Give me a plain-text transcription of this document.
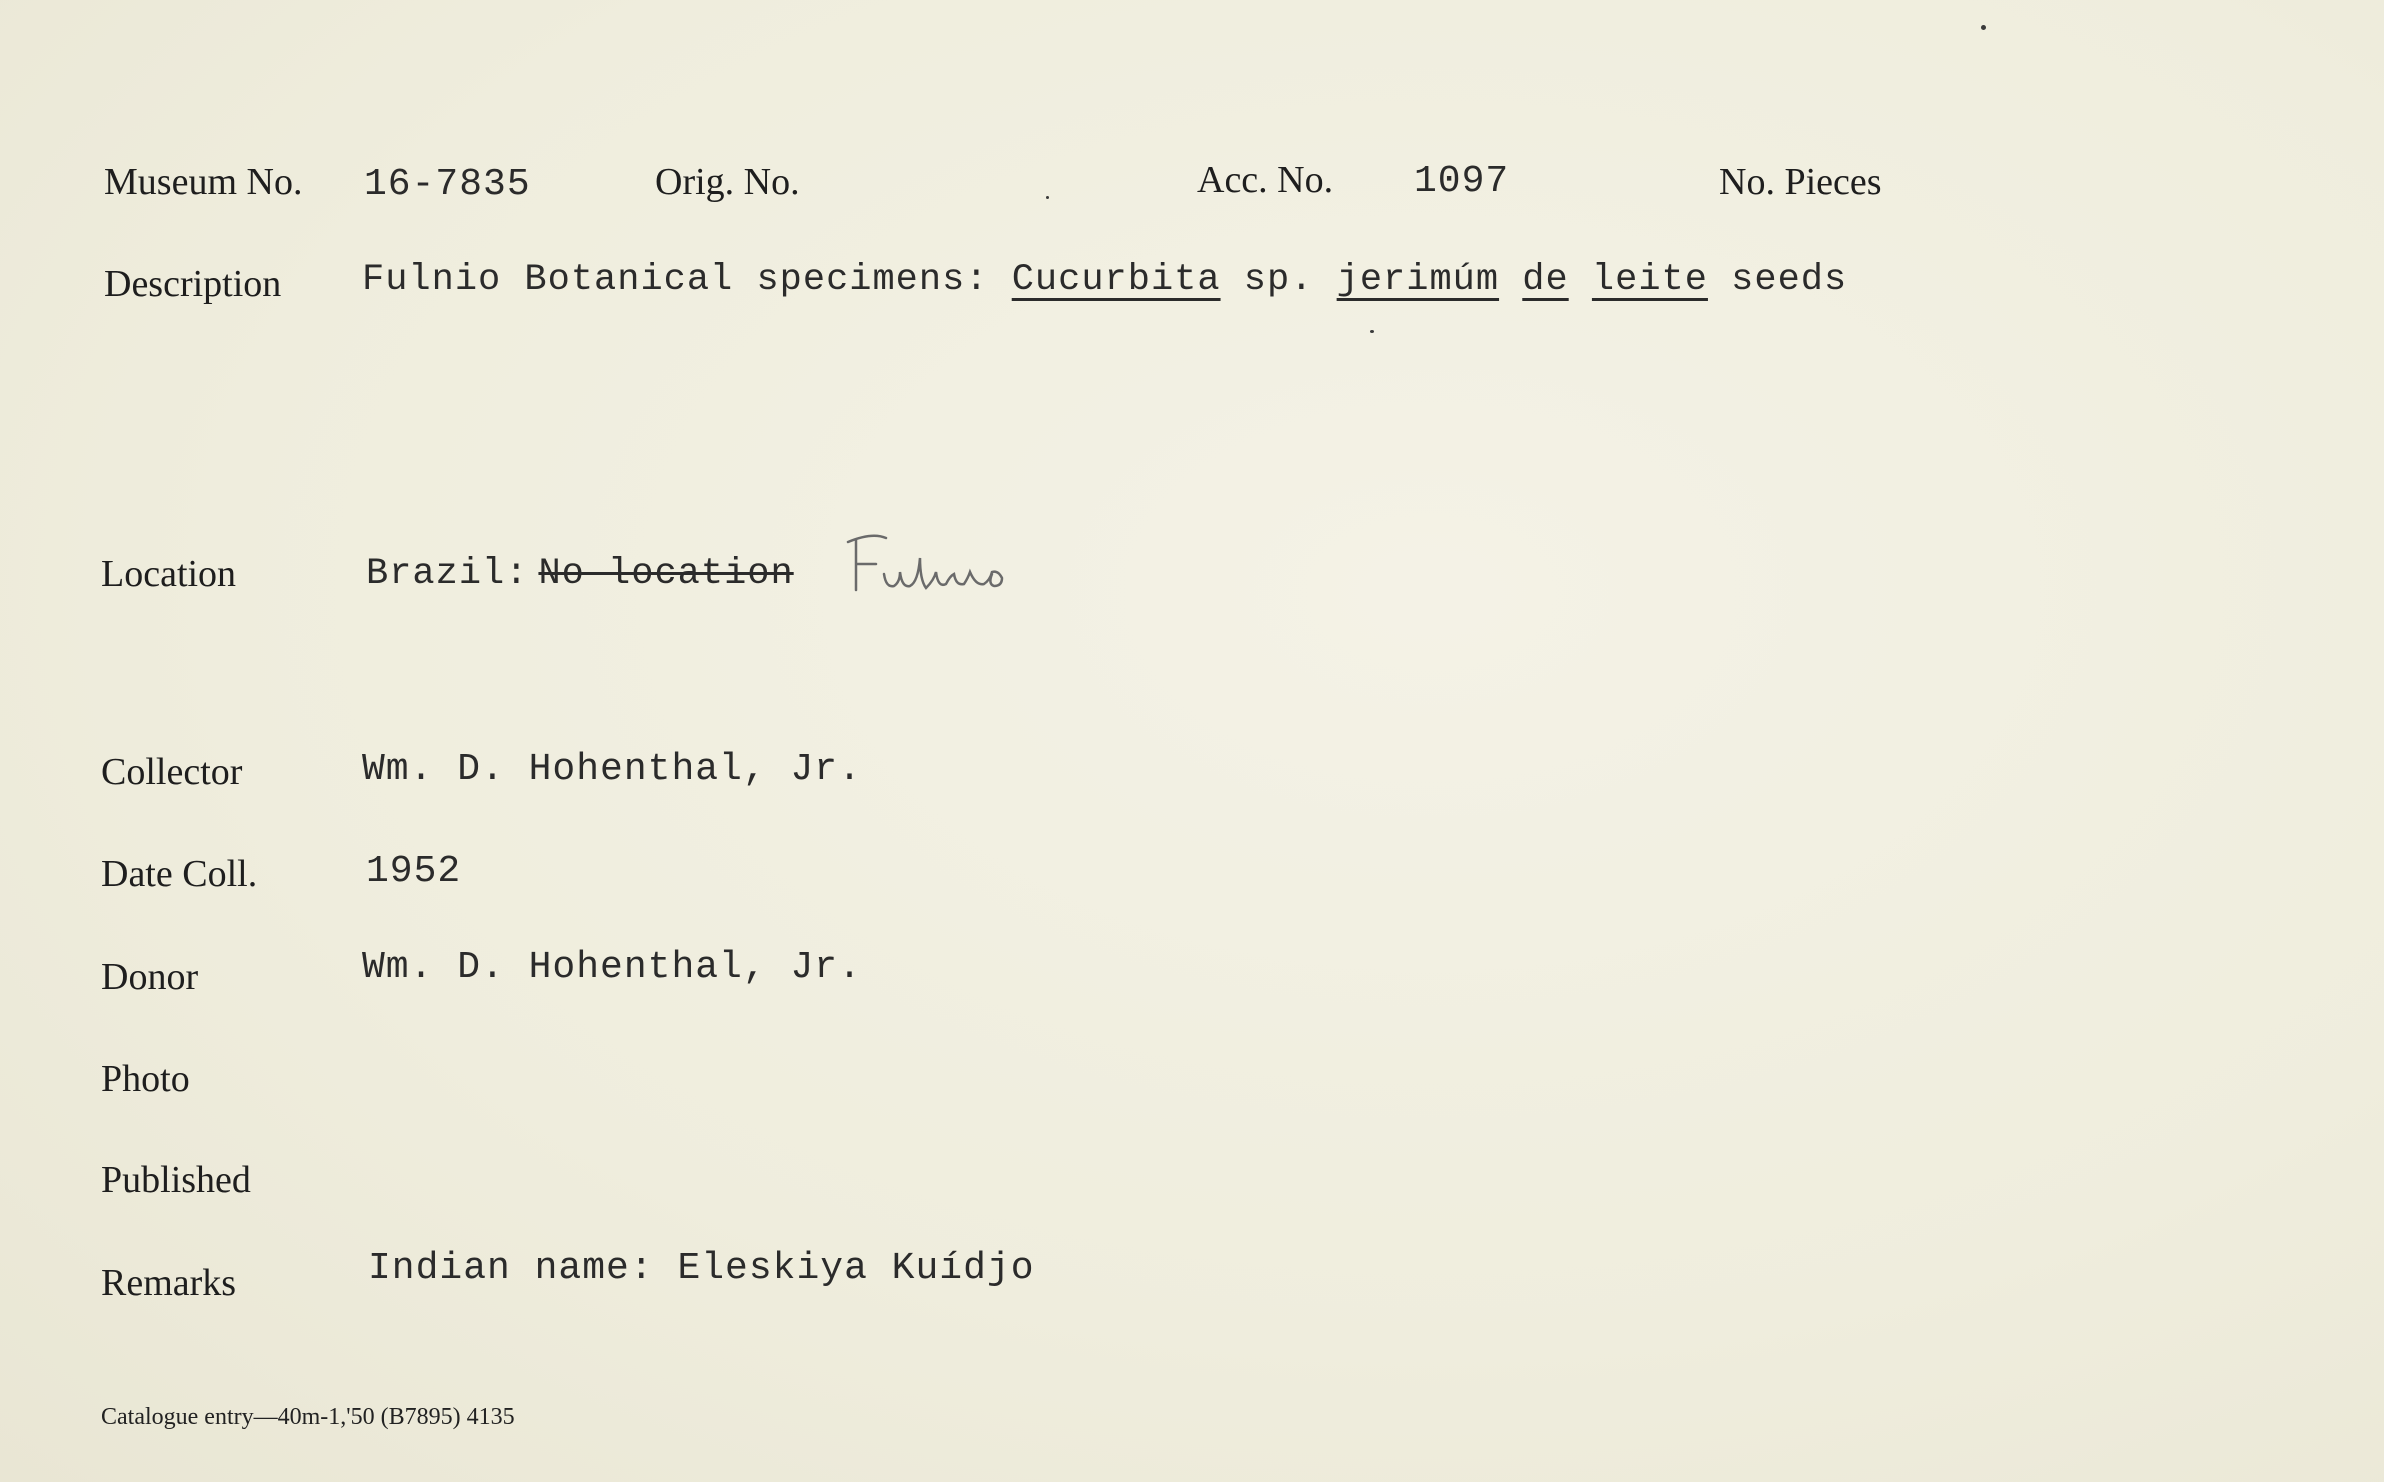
Museum No. 16-7835	Orig. No.	Acc. No. 1097	No. Pieces
Description Fulnio Botanical specimens: Cucurbita sp. jerimúm de leite seeds
Location	Brazil: No location
Fulnio
Collector	Wm. D. Hohenthal, Jr.
Date Coll.	1952
Donor	Wm. D. Hohenthal, Jr.
Photo
Published
Remarks	Indian name: Eleskiya Kuídjo
Catalogue entry—40m-1,'50 (B7895) 4135
